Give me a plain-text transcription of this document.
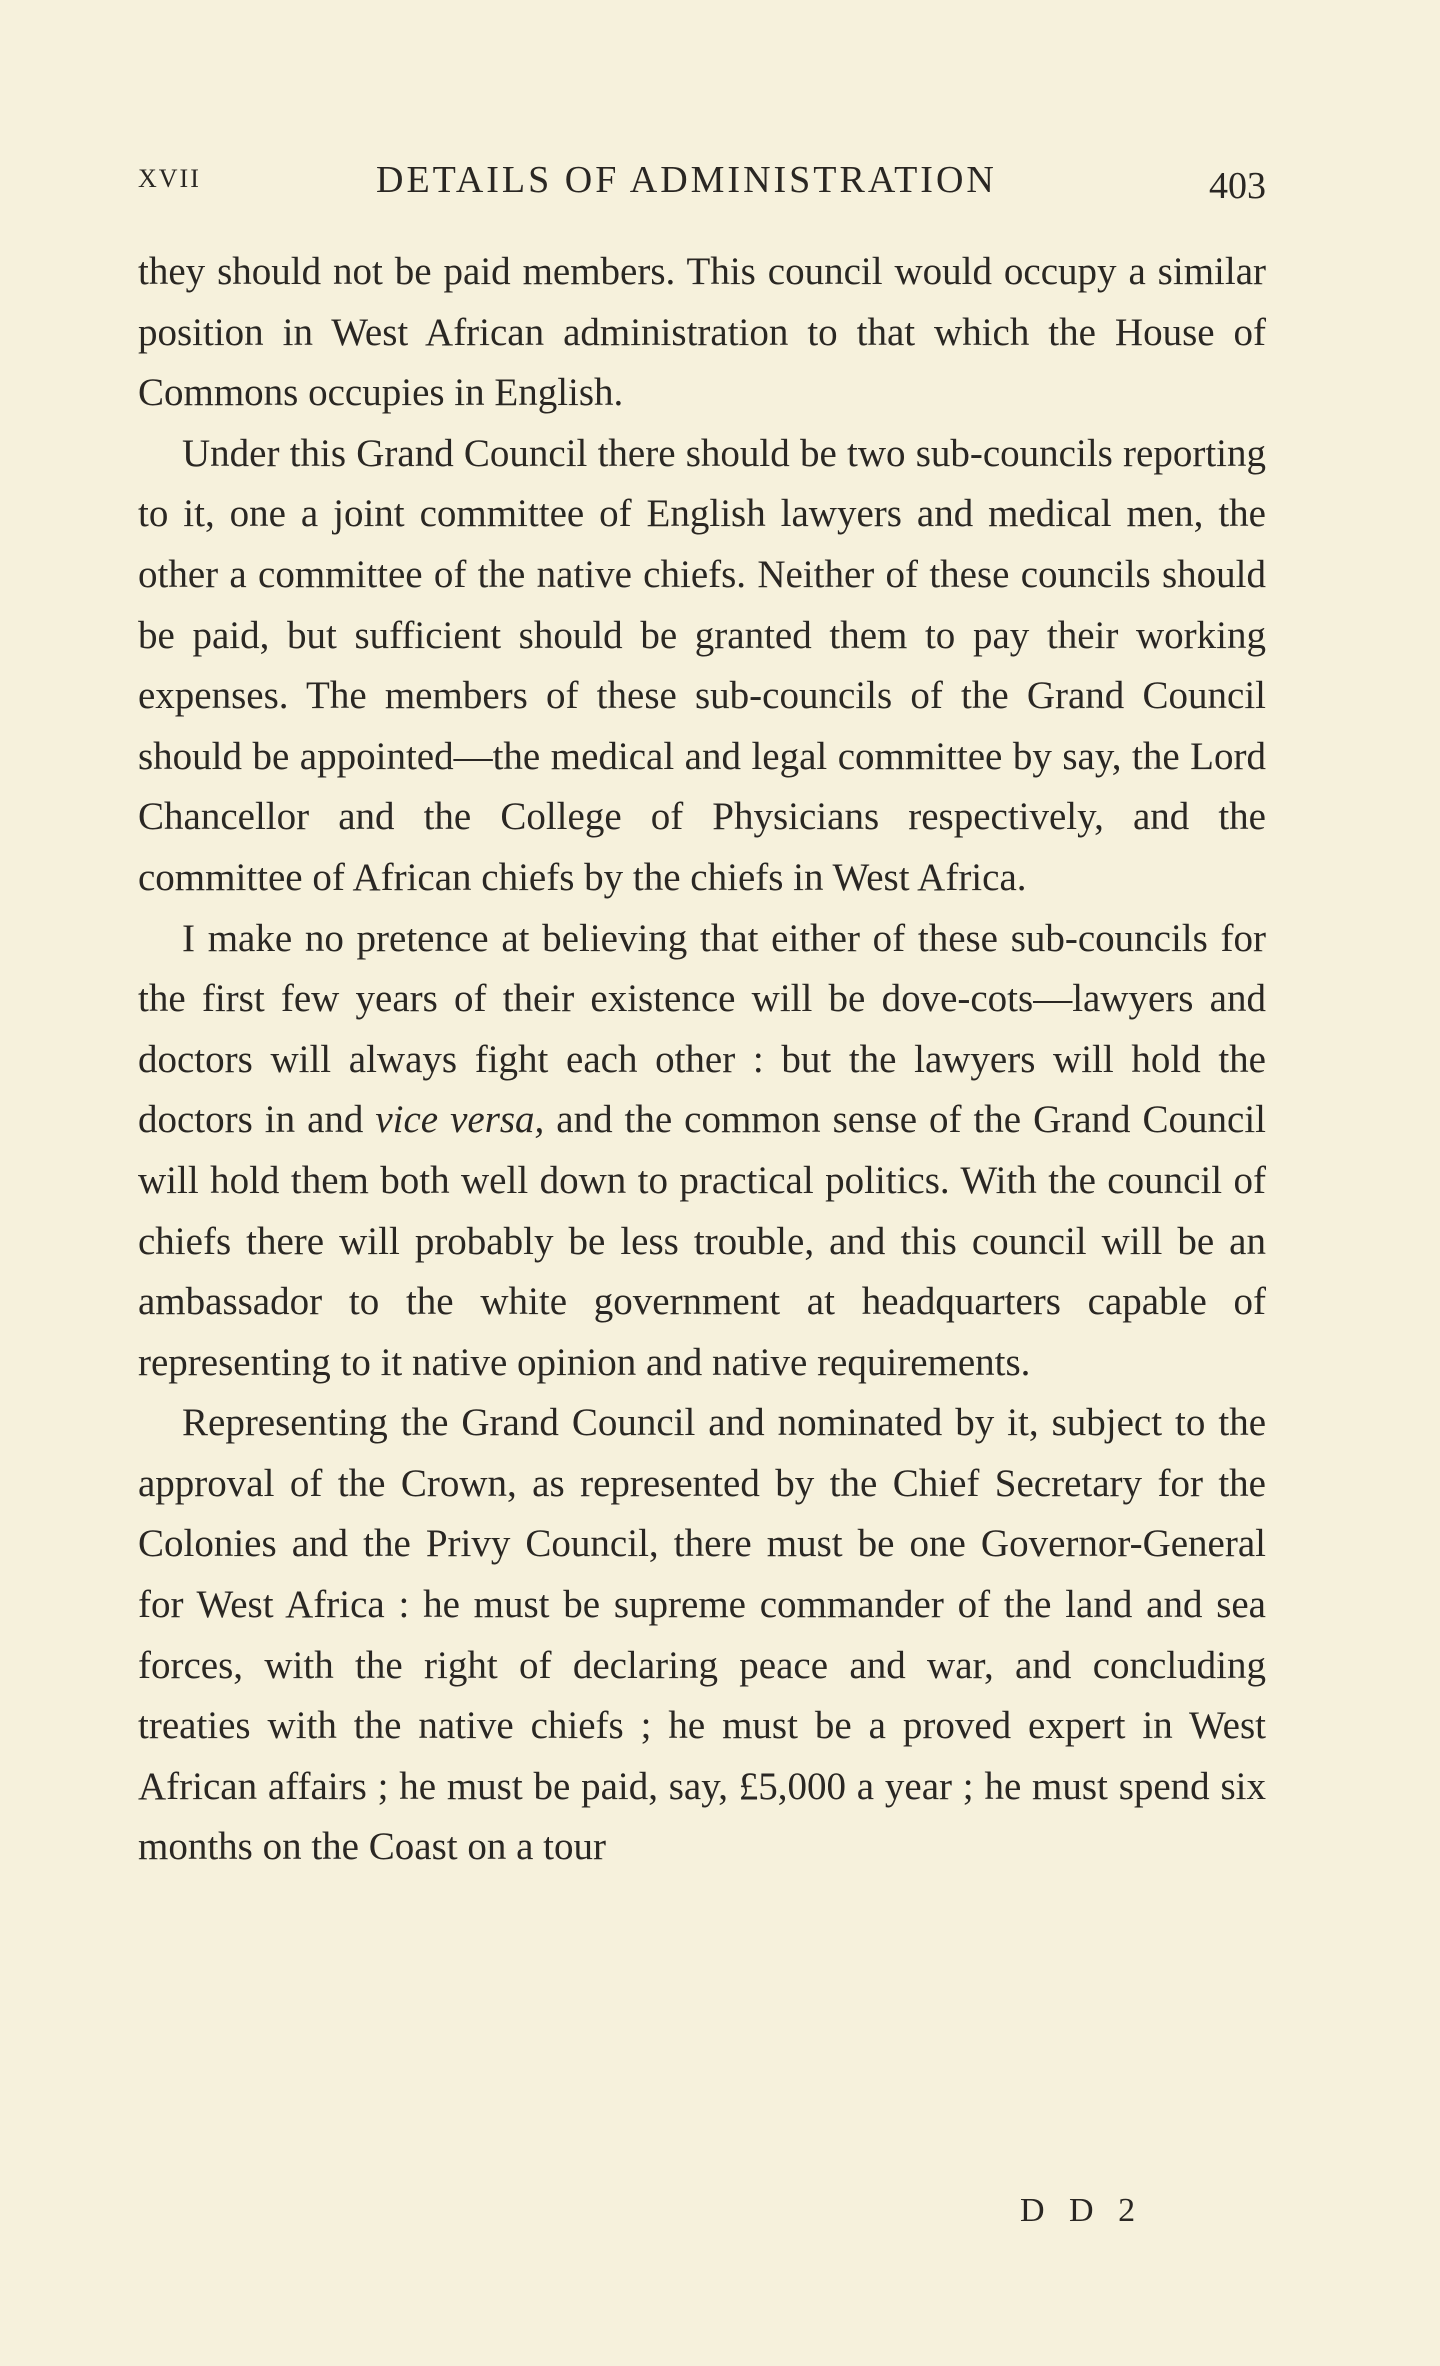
XVII	DETAILS OF ADMINISTRATION	403

they should not be paid members. This council would occupy a similar position in West African administration to that which the House of Commons occupies in English.

Under this Grand Council there should be two sub-councils reporting to it, one a joint committee of English lawyers and medical men, the other a committee of the native chiefs. Neither of these councils should be paid, but sufficient should be granted them to pay their working expenses. The members of these sub-councils of the Grand Council should be appointed—the medical and legal committee by say, the Lord Chancellor and the College of Physicians respectively, and the committee of African chiefs by the chiefs in West Africa.

I make no pretence at believing that either of these sub-councils for the first few years of their existence will be dove-cots—lawyers and doctors will always fight each other : but the lawyers will hold the doctors in and vice versa, and the common sense of the Grand Council will hold them both well down to practical politics. With the council of chiefs there will probably be less trouble, and this council will be an ambassador to the white government at headquarters capable of representing to it native opinion and native requirements.

Representing the Grand Council and nominated by it, subject to the approval of the Crown, as represented by the Chief Secretary for the Colonies and the Privy Council, there must be one Governor-General for West Africa : he must be supreme commander of the land and sea forces, with the right of declaring peace and war, and concluding treaties with the native chiefs ; he must be a proved expert in West African affairs ; he must be paid, say, £5,000 a year ; he must spend six months on the Coast on a tour

D D 2
